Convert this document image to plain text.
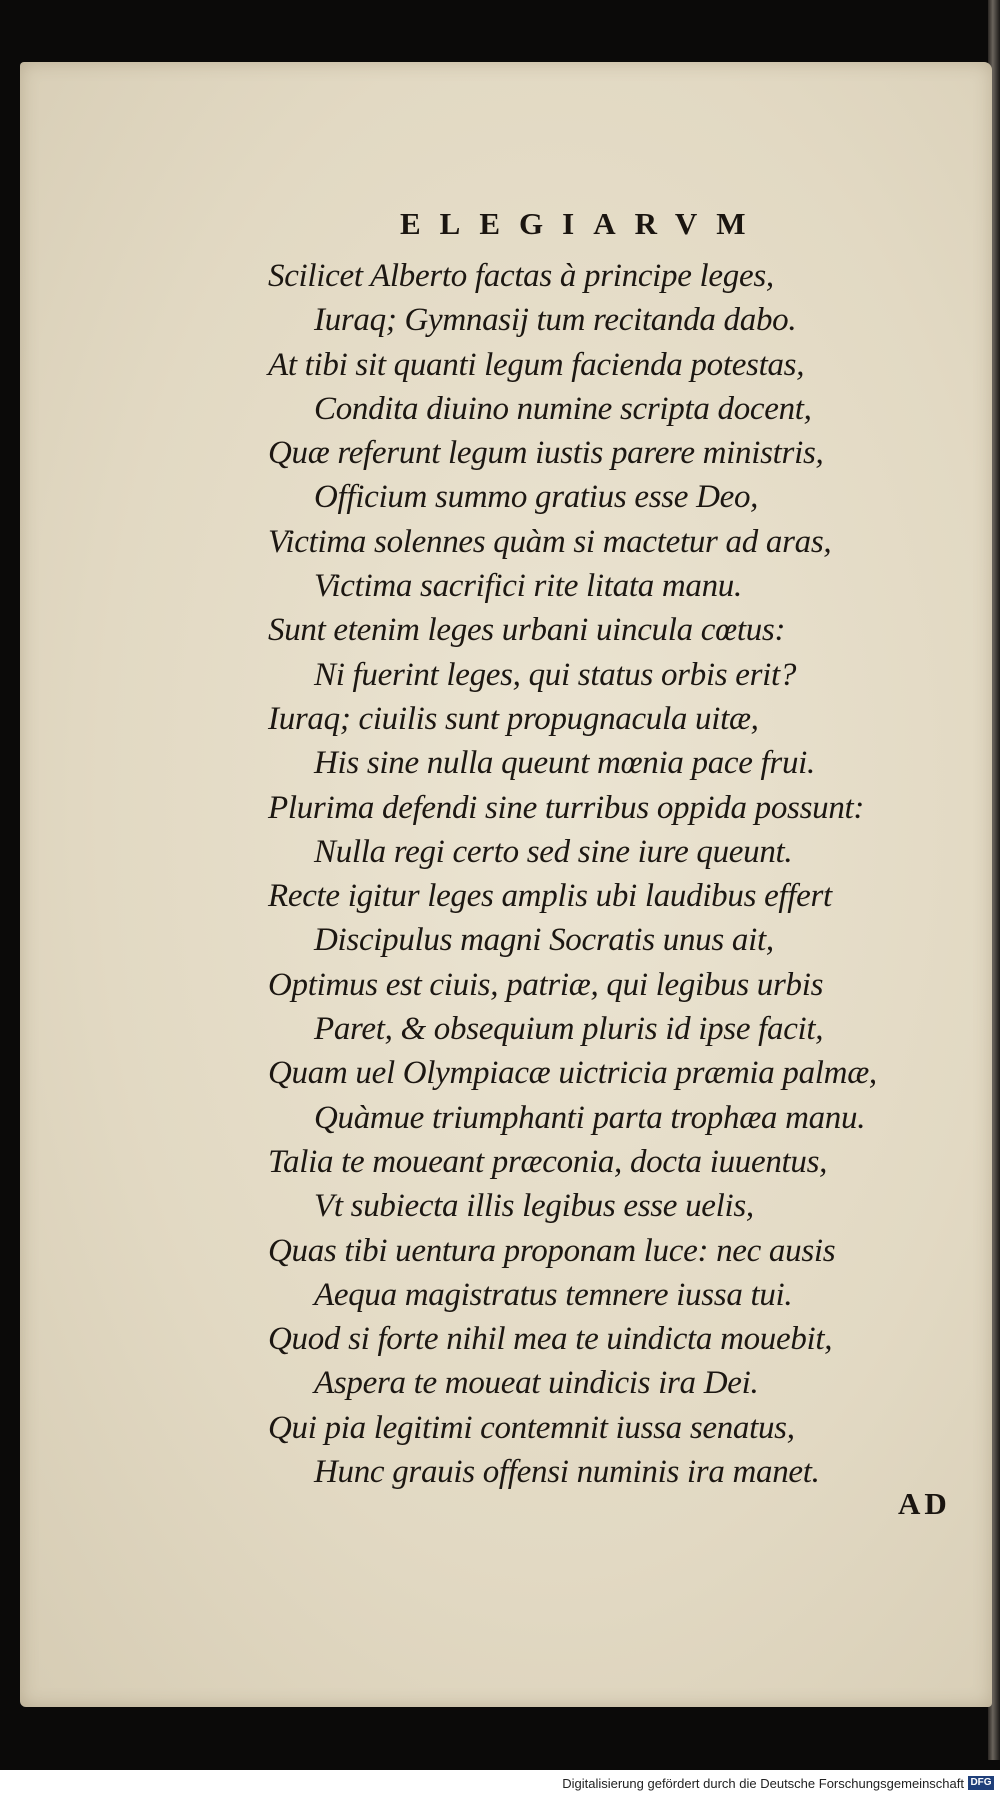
ELEGIARVM
Scilicet Alberto factas à principe leges,
Iuraq; Gymnasij tum recitanda dabo.
At tibi sit quanti legum facienda potestas,
Condita diuino numine scripta docent,
Quæ referunt legum iustis parere ministris,
Officium summo gratius esse Deo,
Victima solennes quàm si mactetur ad aras,
Victima sacrifici rite litata manu.
Sunt etenim leges urbani uincula cœtus:
Ni fuerint leges, qui status orbis erit?
Iuraq; ciuilis sunt propugnacula uitæ,
His sine nulla queunt mœnia pace frui.
Plurima defendi sine turribus oppida possunt:
Nulla regi certo sed sine iure queunt.
Recte igitur leges amplis ubi laudibus effert
Discipulus magni Socratis unus ait,
Optimus est ciuis, patriæ, qui legibus urbis
Paret, & obsequium pluris id ipse facit,
Quam uel Olympiacæ uictricia præmia palmæ,
Quàmue triumphanti parta trophæa manu.
Talia te moueant præconia, docta iuuentus,
Vt subiecta illis legibus esse uelis,
Quas tibi uentura proponam luce: nec ausis
Aequa magistratus temnere iussa tui.
Quod si forte nihil mea te uindicta mouebit,
Aspera te moueat uindicis ira Dei.
Qui pia legitimi contemnit iussa senatus,
Hunc grauis offensi numinis ira manet.
AD
Digitalisierung gefördert durch die Deutsche Forschungsgemeinschaft DFG
